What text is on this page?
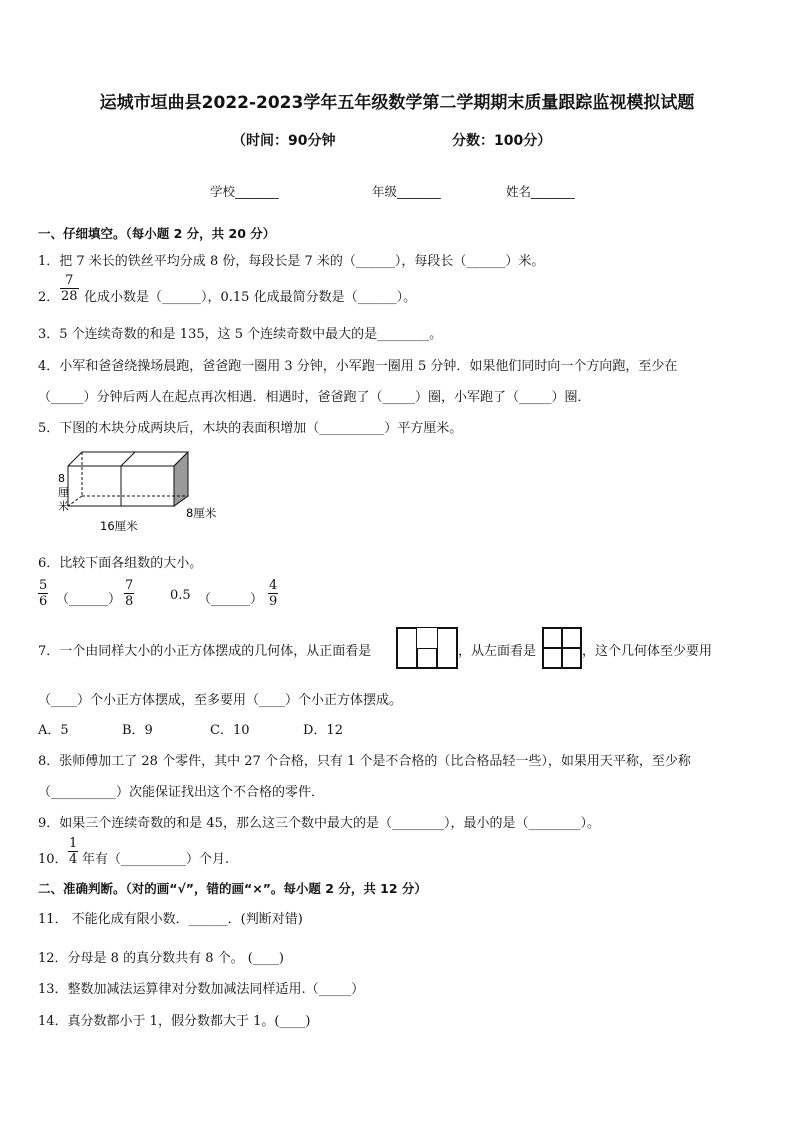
运城市垣曲县2022-2023学年五年级数学第二学期期末质量跟踪监视模拟试题
（时间：90分钟	分数：100分）
学校_______	年级_______	姓名_______
一、仔细填空。（每小题 2 分，共 20 分）
1．把 7 米长的铁丝平均分成 8 份，每段长是 7 米的（______），每段长（______）米。
2．
7
28 化成小数是（______），0.15 化成最简分数是（______）。
3．5 个连续奇数的和是 135，这 5 个连续奇数中最大的是________。
4．小军和爸爸绕操场晨跑，爸爸跑一圈用 3 分钟，小军跑一圈用 5 分钟．如果他们同时向一个方向跑，至少在
（_____）分钟后两人在起点再次相遇．相遇时，爸爸跑了（_____）圈，小军跑了（_____）圈．
5．下图的木块分成两块后，木块的表面积增加（__________）平方厘米。
8
厘
米
16厘米
8厘米
6．比较下面各组数的大小。
5
6 （______）
7
8	0.5 （______）
4
9
7．一个由同样大小的小正方体摆成的几何体，从正面看是	，从左面看是	，这个几何体至少要用
（____）个小正方体摆成，至多要用（____）个小正方体摆成。
A．5	B．9	C．10	D．12
8．张师傅加工了 28 个零件，其中 27 个合格，只有 1 个是不合格的（比合格品轻一些），如果用天平称，至少称
（__________）次能保证找出这个不合格的零件．
9．如果三个连续奇数的和是 45，那么这三个数中最大的是（________），最小的是（________）。
10．
1
4 年有（__________）个月.
二、准确判断。（对的画“√”，错的画“×”。每小题 2 分，共 12 分）
11． 不能化成有限小数．______．(判断对错)
12．分母是 8 的真分数共有 8 个。 (____)
13．整数加减法运算律对分数加减法同样适用.（_____）
14．真分数都小于 1，假分数都大于 1。(____)
